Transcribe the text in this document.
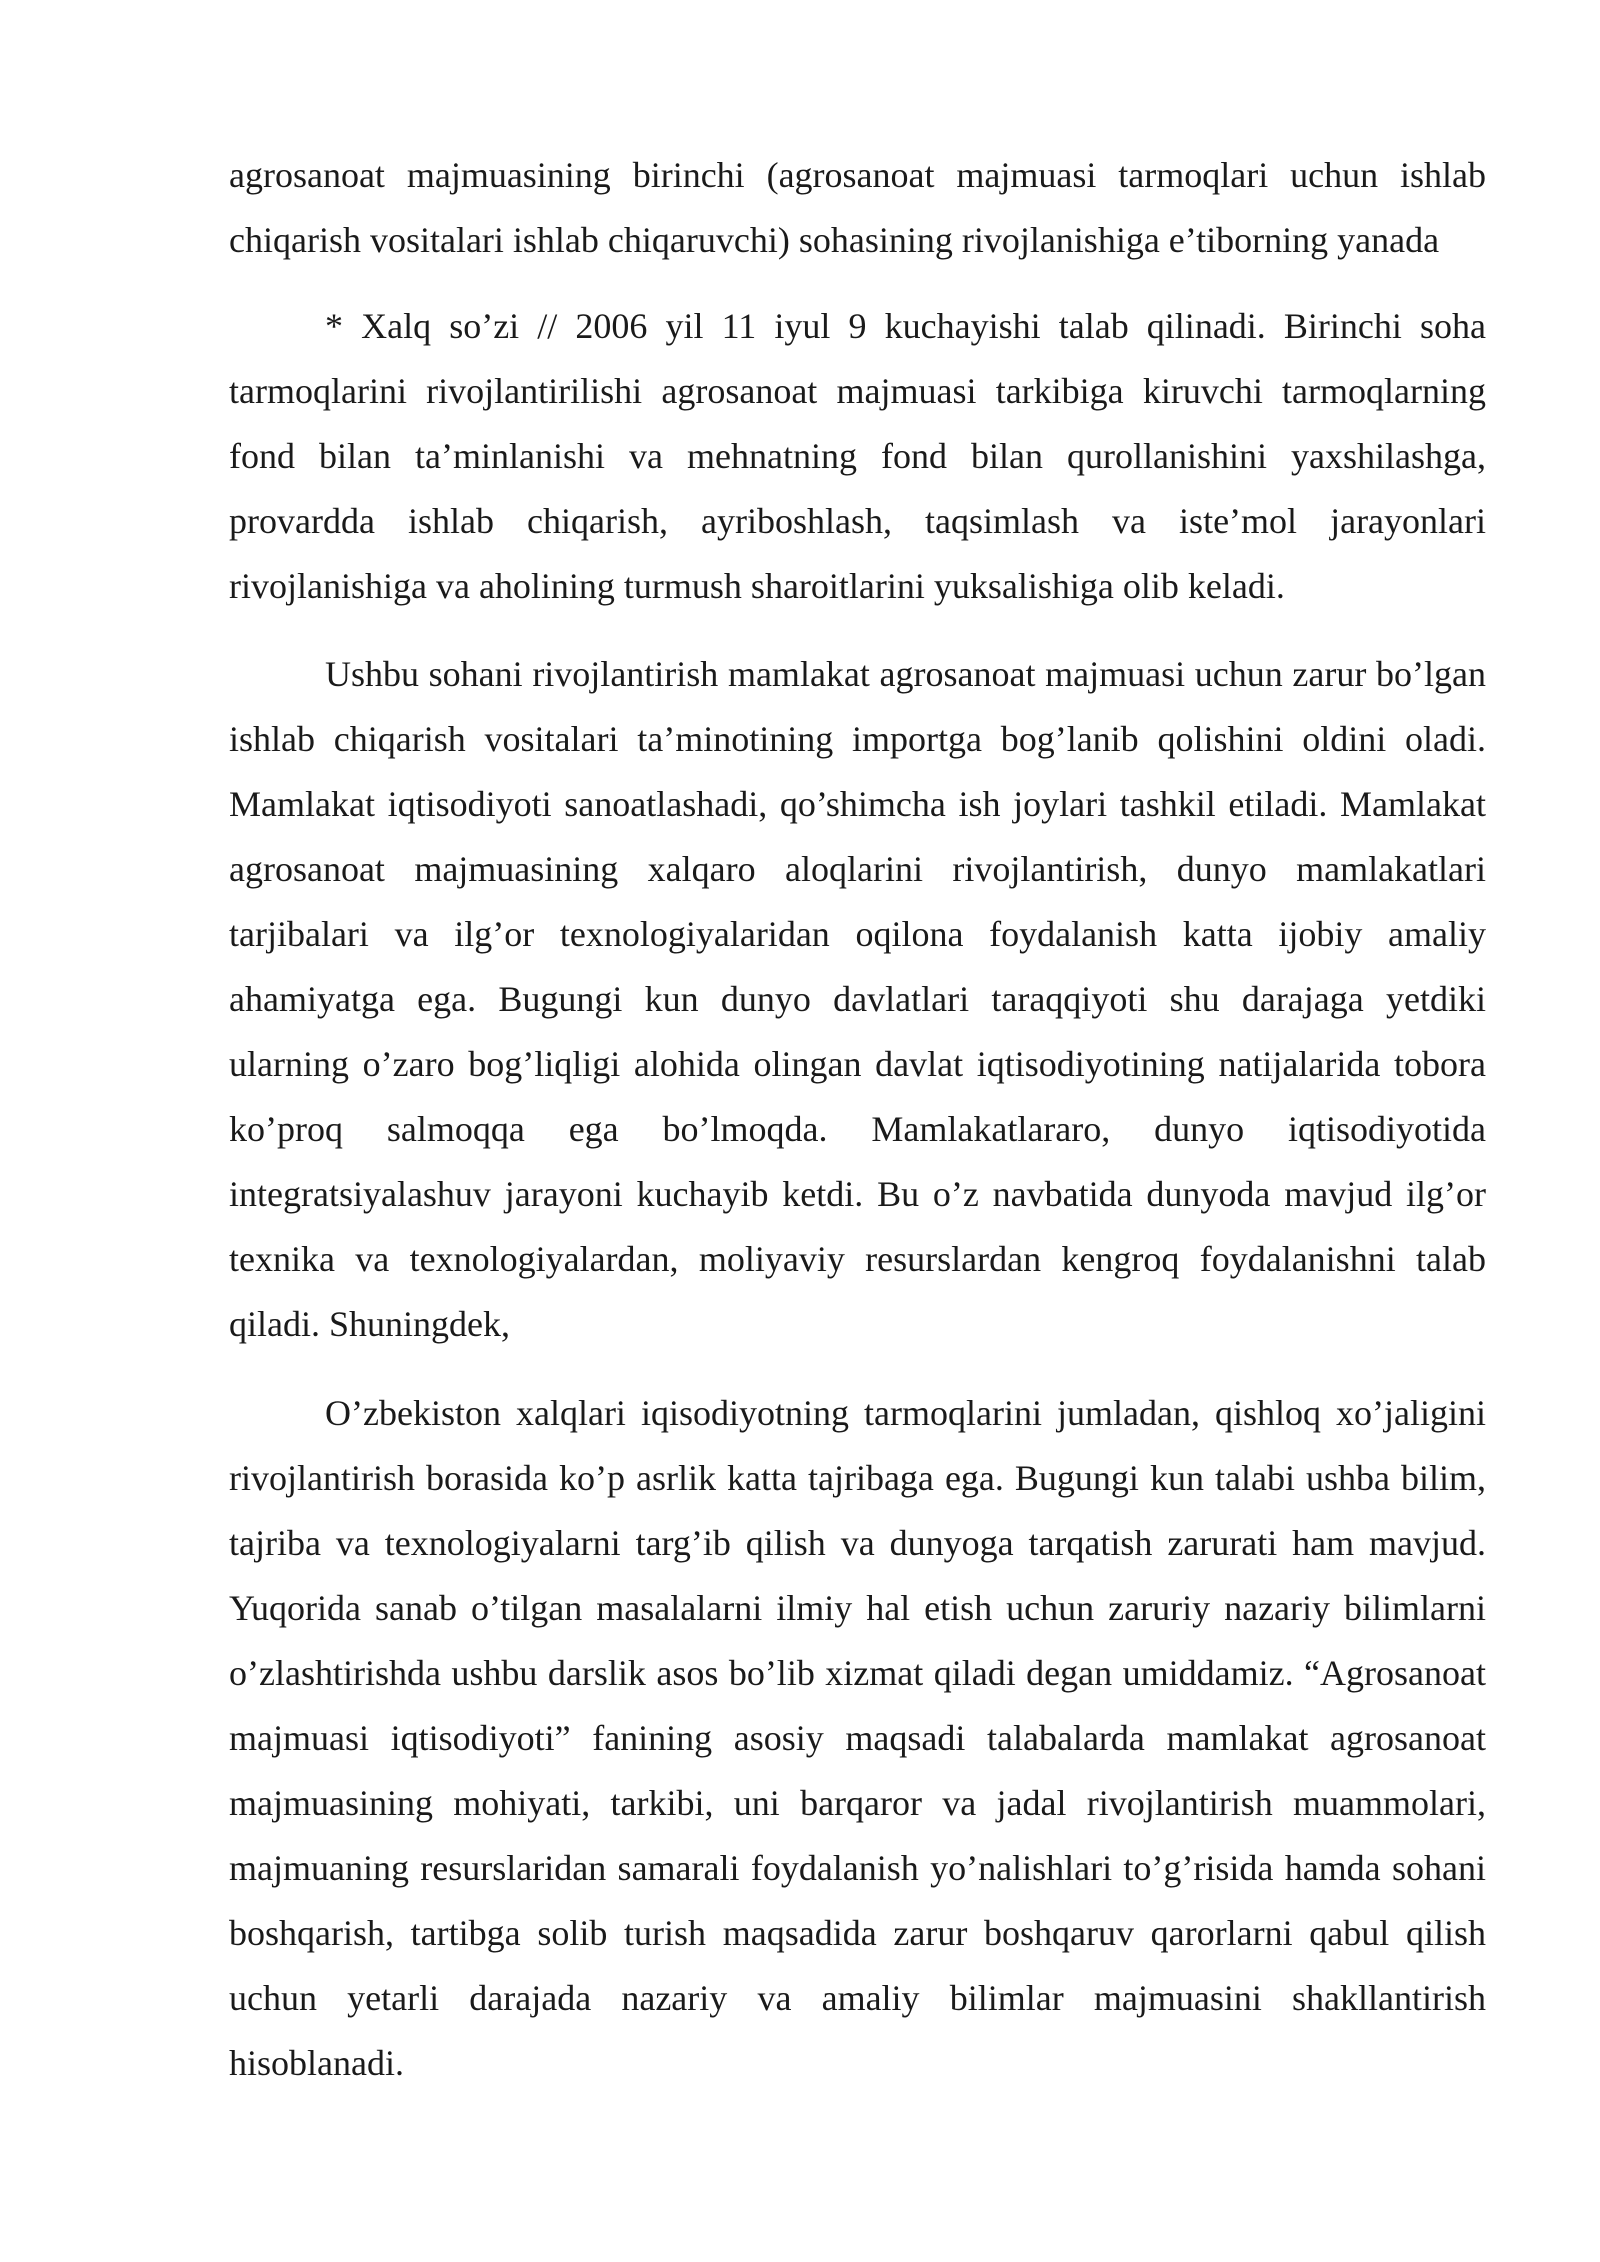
agrosanoat majmuasining birinchi (agrosanoat majmuasi tarmoqlari uchun ishlab chiqarish vositalari ishlab chiqaruvchi) sohasining rivojlanishiga e’tiborning yanada

* Xalq so’zi // 2006 yil 11 iyul 9 kuchayishi talab qilinadi. Birinchi soha tarmoqlarini rivojlantirilishi agrosanoat majmuasi tarkibiga kiruvchi tarmoqlarning fond bilan ta’minlanishi va mehnatning fond bilan qurollanishini yaxshilashga, provardda ishlab chiqarish, ayriboshlash, taqsimlash va iste’mol jarayonlari rivojlanishiga va aholining turmush sharoitlarini yuksalishiga olib keladi.

Ushbu sohani rivojlantirish mamlakat agrosanoat majmuasi uchun zarur bo’lgan ishlab chiqarish vositalari ta’minotining importga bog’lanib qolishini oldini oladi. Mamlakat iqtisodiyoti sanoatlashadi, qo’shimcha ish joylari tashkil etiladi. Mamlakat agrosanoat majmuasining xalqaro aloqlarini rivojlantirish, dunyo mamlakatlari tarjibalari va ilg’or texnologiyalaridan oqilona foydalanish katta ijobiy amaliy ahamiyatga ega. Bugungi kun dunyo davlatlari taraqqiyoti shu darajaga yetdiki ularning o’zaro bog’liqligi alohida olingan davlat iqtisodiyotining natijalarida tobora ko’proq salmoqqa ega bo’lmoqda. Mamlakatlararo, dunyo iqtisodiyotida integratsiyalashuv jarayoni kuchayib ketdi. Bu o’z navbatida dunyoda mavjud ilg’or texnika va texnologiyalardan, moliyaviy resurslardan kengroq foydalanishni talab qiladi. Shuningdek,

O’zbekiston xalqlari iqisodiyotning tarmoqlarini jumladan, qishloq xo’jaligini rivojlantirish borasida ko’p asrlik katta tajribaga ega. Bugungi kun talabi ushba bilim, tajriba va texnologiyalarni targ’ib qilish va dunyoga tarqatish zarurati ham mavjud. Yuqorida sanab o’tilgan masalalarni ilmiy hal etish uchun zaruriy nazariy bilimlarni o’zlashtirishda ushbu darslik asos bo’lib xizmat qiladi degan umiddamiz. “Agrosanoat majmuasi iqtisodiyoti” fanining asosiy maqsadi talabalarda mamlakat agrosanoat majmuasining mohiyati, tarkibi, uni barqaror va jadal rivojlantirish muammolari, majmuaning resurslaridan samarali foydalanish yo’nalishlari to’g’risida hamda sohani boshqarish, tartibga solib turish maqsadida zarur boshqaruv qarorlarni qabul qilish uchun yetarli darajada nazariy va amaliy bilimlar majmuasini shakllantirish hisoblanadi.
